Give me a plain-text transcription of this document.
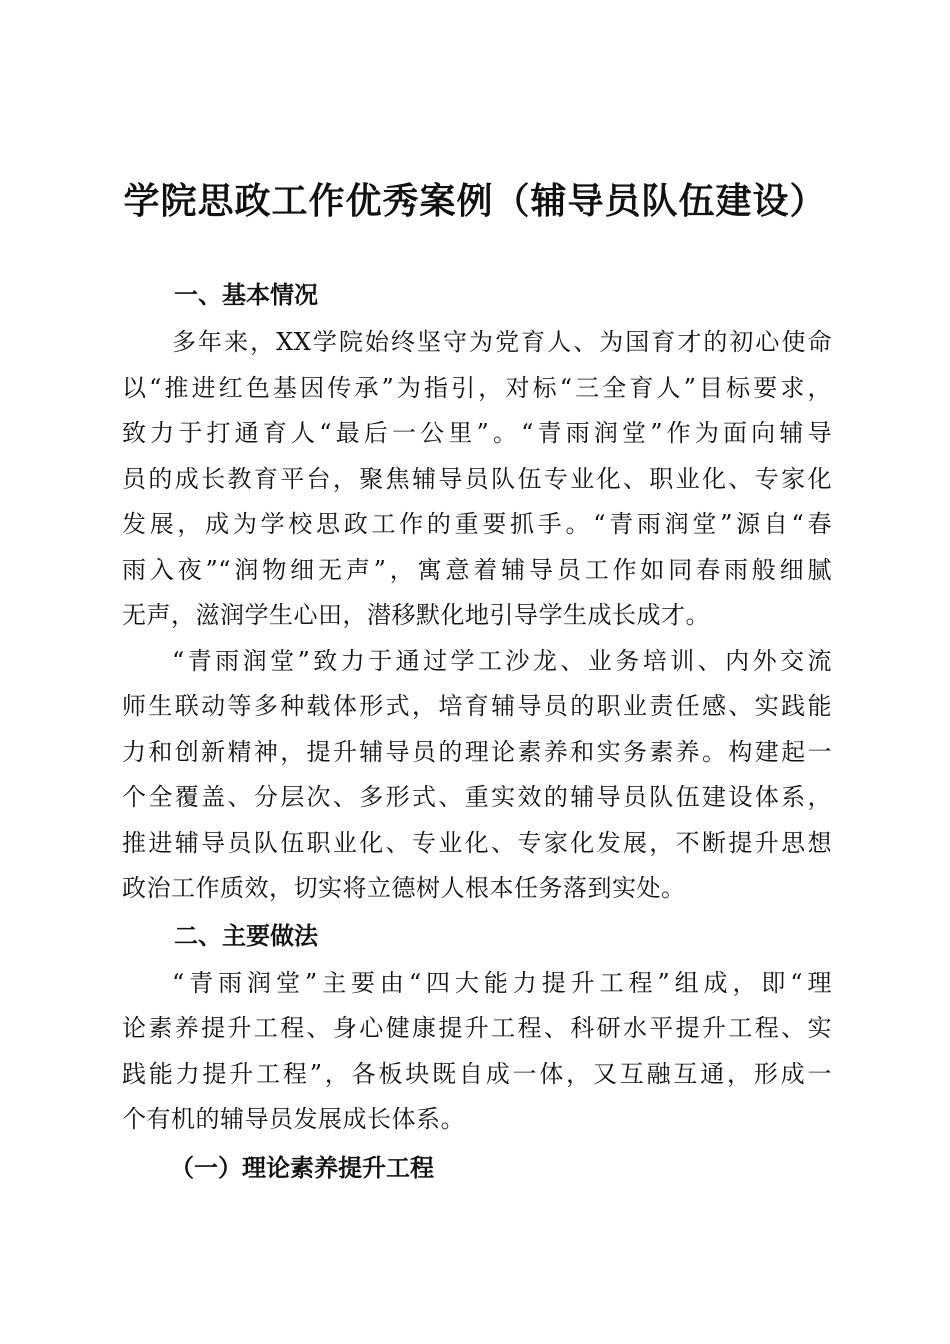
学院思政工作优秀案例（辅导员队伍建设）
一、基本情况
多年来，XX学院始终坚守为党育人、为国育才的初心使命
以“推进红色基因传承”为指引，对标“三全育人”目标要求，
致力于打通育人“最后一公里”。“青雨润堂”作为面向辅导
员的成长教育平台，聚焦辅导员队伍专业化、职业化、专家化
发展，成为学校思政工作的重要抓手。“青雨润堂”源自“春
雨入夜”“润物细无声”，寓意着辅导员工作如同春雨般细腻
无声，滋润学生心田，潜移默化地引导学生成长成才。
“青雨润堂”致力于通过学工沙龙、业务培训、内外交流
师生联动等多种载体形式，培育辅导员的职业责任感、实践能
力和创新精神，提升辅导员的理论素养和实务素养。构建起一
个全覆盖、分层次、多形式、重实效的辅导员队伍建设体系，
推进辅导员队伍职业化、专业化、专家化发展，不断提升思想
政治工作质效，切实将立德树人根本任务落到实处。
二、主要做法
“青雨润堂”主要由“四大能力提升工程”组成，即“理
论素养提升工程、身心健康提升工程、科研水平提升工程、实
践能力提升工程”，各板块既自成一体，又互融互通，形成一
个有机的辅导员发展成长体系。
（一）理论素养提升工程
